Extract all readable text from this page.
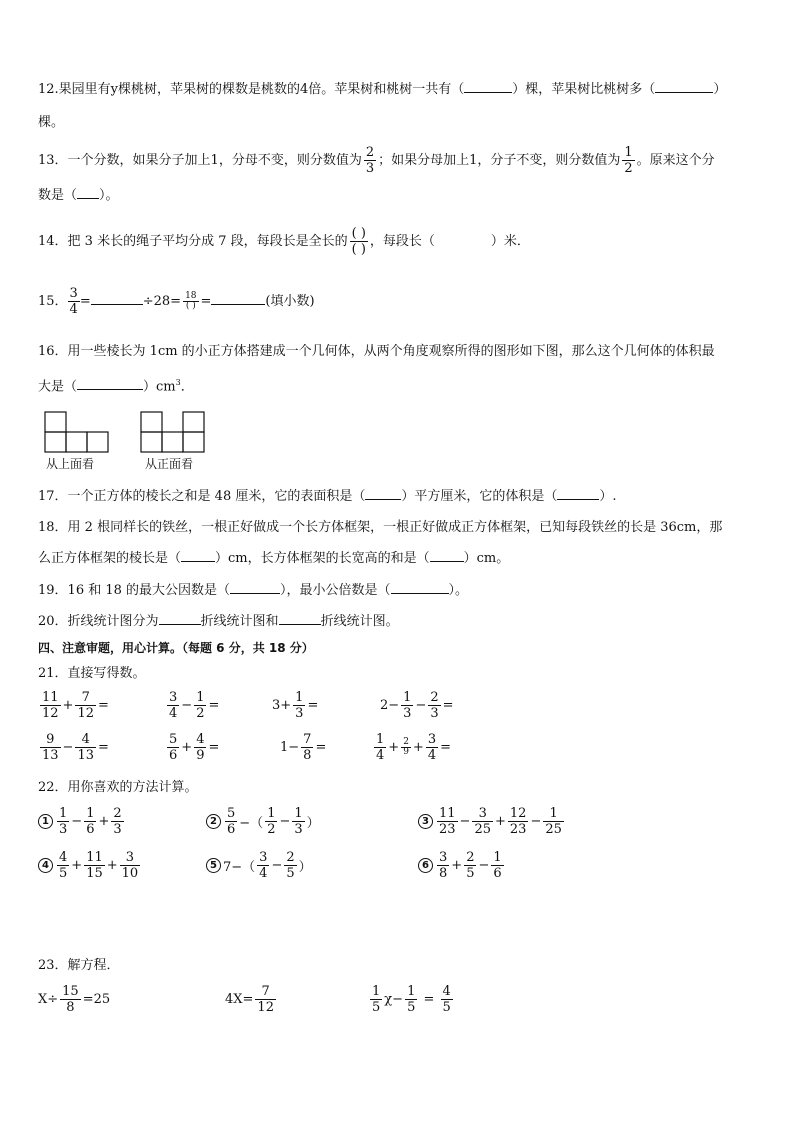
12.果园里有y棵桃树，苹果树的棵数是桃数的4倍。苹果树和桃树一共有（	）棵，苹果树比桃树多（	）
棵。
13．一个分数，如果分子加上1，分母不变，则分数值为 $\frac{2}{3}$ ；如果分母加上1，分子不变，则分数值为 $\frac{1}{2}$ 。原来这个分
数是（ ）。
14．把 3 米长的绳子平均分成 7 段，每段长是全长的 $\frac{( )}{( )}$ ，每段长（	）米．
15． $\frac{3}{4}$ =	$\div 28= \frac{18}{( )}$ =	(填小数)
16．用一些棱长为 1cm 的小正方体搭建成一个几何体，从两个角度观察所得的图形如下图，那么这个几何体的体积最
大是（	）$cm^3$．
从上面看	从正面看
17．一个正方体的棱长之和是 48 厘米，它的表面积是（	）平方厘米，它的体积是（	）.
18．用 2 根同样长的铁丝，一根正好做成一个长方体框架，一根正好做成正方体框架，已知每段铁丝的长是 36cm，那
么正方体框架的棱长是（	）cm，长方体框架的长宽高的和是（	）cm。
19．16 和 18 的最大公因数是（	），最小公倍数是（	）。
20．折线统计图分为	折线统计图和	折线统计图。
四、注意审题，用心计算。（每题 6 分，共 18 分）
21．直接写得数。
$\frac{11}{12} + \frac{7}{12}$ =	$\frac{3}{4} - \frac{1}{2}$ =	$3+ \frac{1}{3}$ =	$2- \frac{1}{3} - \frac{2}{3}$ =
$\frac{9}{13} - \frac{4}{13}$ =	$\frac{5}{6} + \frac{4}{9}$ =	$1- \frac{7}{8}$ =	$\frac{1}{4} + \frac{2}{9} + \frac{3}{4}$ =
22．用你喜欢的方法计算。
$1 \frac{1}{3} - \frac{1}{6} + \frac{2}{3}$	$2 \frac{5}{6}$ −（ $\frac{1}{2} - \frac{1}{3}$ ）	$3 \frac{11}{23} - \frac{3}{25} + \frac{12}{23} - \frac{1}{25}$
$4 \frac{4}{5} + \frac{11}{15} + \frac{3}{10}$	5 $7-( \frac{3}{4} - \frac{2}{5}$ ）	$6 \frac{3}{8} + \frac{2}{5} - \frac{1}{6}$
23．解方程．
$X\div \frac{15}{8} =25$	$4X= \frac{7}{12}$	$\frac{1}{5} \chi- \frac{1}{5} = \frac{4}{5}$
